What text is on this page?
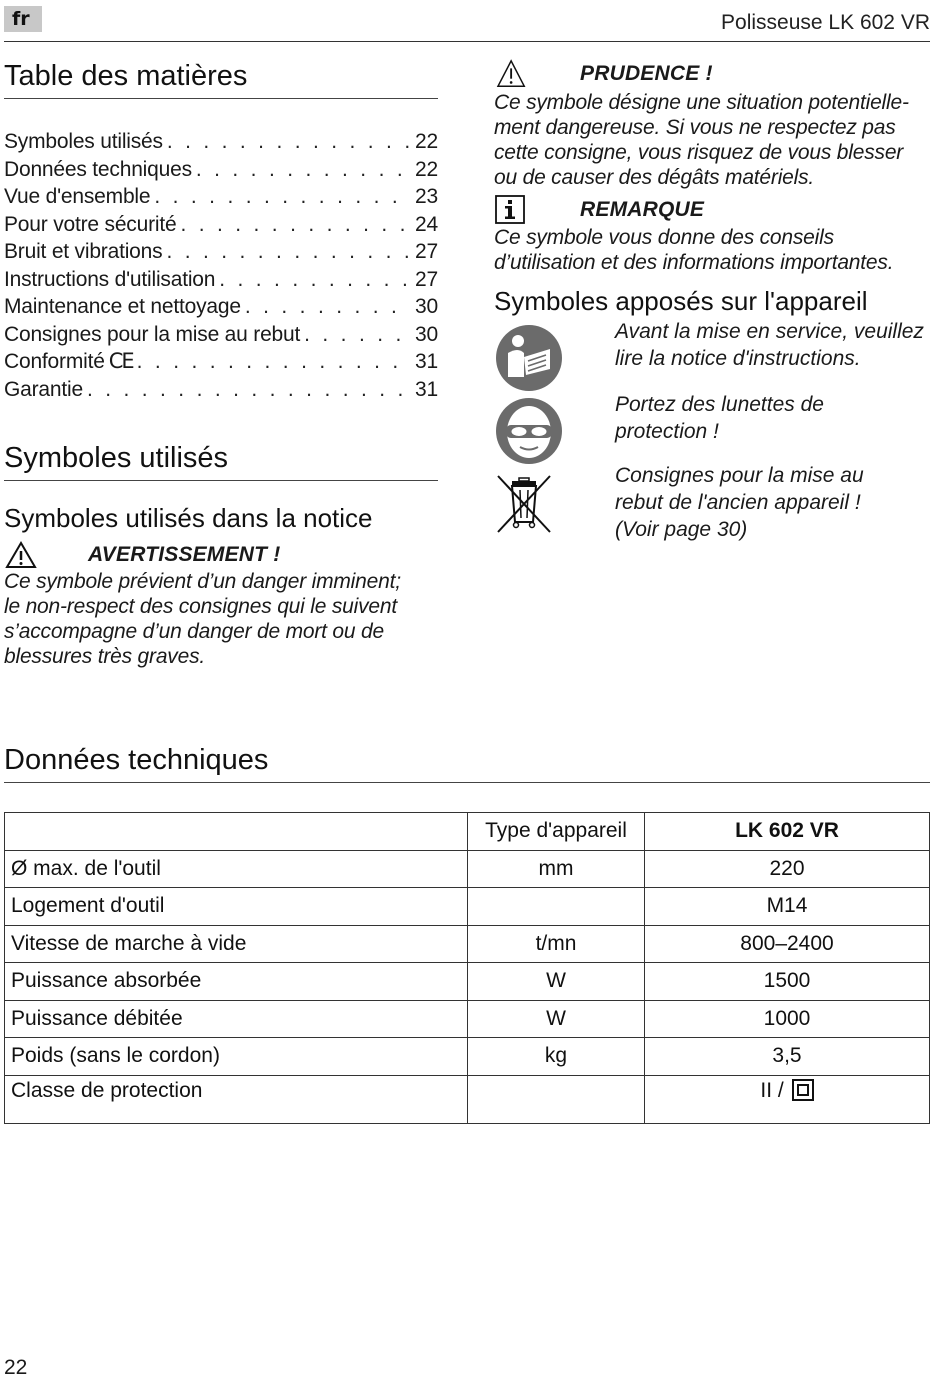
fr	Polisseuse LK 602 VR
Table des matières
Symboles utilisés . . .	22
Données techniques . . .	22
Vue d'ensemble . . .	23
Pour votre sécurité . . .	24
Bruit et vibrations . . .	27
Instructions d'utilisation . . .	27
Maintenance et nettoyage . . .	30
Consignes pour la mise au rebut . . .	30
Conformité CE . . .	31
Garantie . . .	31
Symboles utilisés
Symboles utilisés dans la notice
AVERTISSEMENT !

Ce symbole prévient d’un danger imminent;
le non-respect des consignes qui le suivent
s’accompagne d’un danger de mort ou de
blessures très graves.

PRUDENCE !

Ce symbole désigne une situation potentielle-
ment dangereuse. Si vous ne respectez pas
cette consigne, vous risquez de vous blesser
ou de causer des dégâts matériels.

REMARQUE

Ce symbole vous donne des conseils
d’utilisation et des informations importantes.

Symboles apposés sur l'appareil

Avant la mise en service, veuillez
lire la notice d'instructions.

Portez des lunettes de
protection !

Consignes pour la mise au
rebut de l'ancien appareil !
(Voir page 30)

Données techniques
	Type d'appareil	LK 602 VR
Ø max. de l'outil	mm	220
Logement d'outil		M14
Vitesse de marche à vide	t/mn	800–2400
Puissance absorbée	W	1500
Puissance débitée	W	1000
Poids (sans le cordon)	kg	3,5
Classe de protection		II /
22
